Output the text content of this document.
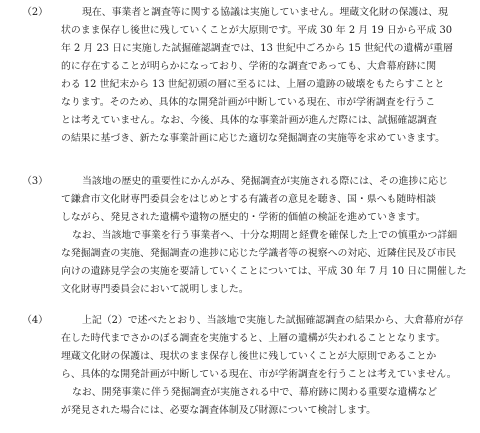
（2）	現在、事業者と調査等に関する協議は実施していません。埋蔵文化財の保護は、現
状のまま保存し後世に残していくことが大原則です。平成 30 年 2 月 19 日から平成 30
年 2 月 23 日に実施した試掘確認調査では、13 世紀中ごろから 15 世紀代の遺構が重層
的に存在することが明らかになっており、学術的な調査であっても、大倉幕府跡に関
わる 12 世紀末から 13 世紀初頭の層に至るには、上層の遺跡の破壊をもたらすことと
なります。そのため、具体的な開発計画が中断している現在、市が学術調査を行うこ
とは考えていません。なお、今後、具体的な事業計画が進んだ際には、試掘確認調査
の結果に基づき、新たな事業計画に応じた適切な発掘調査の実施等を求めていきます。
（3）	当該地の歴史的重要性にかんがみ、発掘調査が実施される際には、その進捗に応じ
て鎌倉市文化財専門委員会をはじめとする有識者の意見を聴き、国・県へも随時相談
しながら、発見された遺構や遺物の歴史的・学術的価値の検証を進めていきます。
なお、当該地で事業を行う事業者へ、十分な期間と経費を確保した上での慎重かつ詳細
な発掘調査の実施、発掘調査の進捗に応じた学識者等の視察への対応、近隣住民及び市民
向けの遺跡見学会の実施を要請していくことについては、平成 30 年 7 月 10 日に開催した
文化財専門委員会において説明しました。
（4）	上記（2）で述べたとおり、当該地で実施した試掘確認調査の結果から、大倉幕府が存
在した時代までさかのぼる調査を実施すると、上層の遺構が失われることとなります。
埋蔵文化財の保護は、現状のまま保存し後世に残していくことが大原則であることか
ら、具体的な開発計画が中断している現在、市が学術調査を行うことは考えていません。
なお、開発事業に伴う発掘調査が実施される中で、幕府跡に関わる重要な遺構など
が発見された場合には、必要な調査体制及び財源について検討します。
